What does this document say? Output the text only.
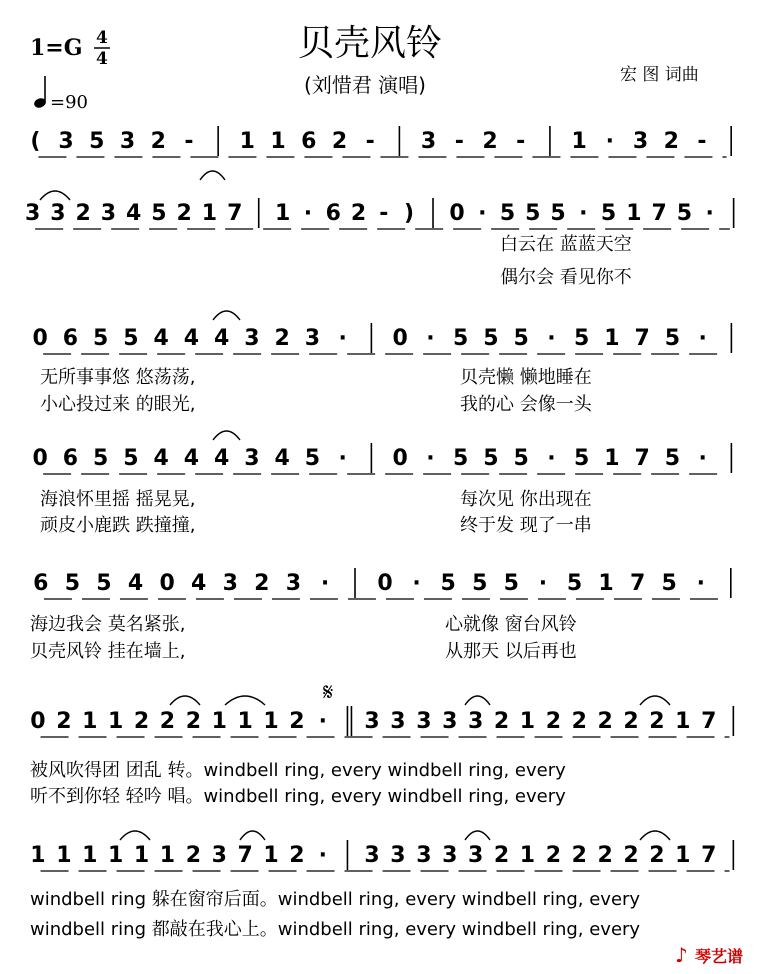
1=G 4
4	贝壳风铃
(刘惜君 演唱)	宏 图 词曲
=90
( 3 5 3 2 - 1 1 6 2 - 3 - 2 - 1 · 3 2 -
3 3 2 3 4 5 2 1 7 1 · 6 2 - ) 0 · 5 5 5 · 5 1 7 5 ·
白云在 蓝蓝天空
偶尔会 看见你不
0 6 5 5 4 4 4 3 2 3 · 0 · 5 5 5 · 5 1 7 5 ·
无所事事悠 悠荡荡,
小心投过来 的眼光,
贝壳懒 懒地睡在
我的心 会像一头
0 6 5 5 4 4 4 3 4 5 · 0 · 5 5 5 · 5 1 7 5 ·
海浪怀里摇 摇晃晃,
顽皮小鹿跌 跌撞撞,
每次见 你出现在
终于发 现了一串
6 5 5 4 0 4 3 2 3 · 0 · 5 5 5 · 5 1 7 5 ·
海边我会 莫名紧张,
贝壳风铃 挂在墙上,
心就像 窗台风铃
从那天 以后再也
0 2 1 1 2 2 2 1 1 1 2 · 3 3 3 3 3 2 1 2 2 2 2 2 1 7
被风吹得团 团乱 转。windbell ring, every windbell ring, every
听不到你轻 轻吟 唱。windbell ring, every windbell ring, every
1 1 1 1 1 1 2 3 7 1 2 · 3 3 3 3 3 2 1 2 2 2 2 2 1 7
windbell ring 躲在窗帘后面。windbell ring, every windbell ring, every
windbell ring 都敲在我心上。windbell ring, every windbell ring, every
𝄋
♪ 琴艺谱
